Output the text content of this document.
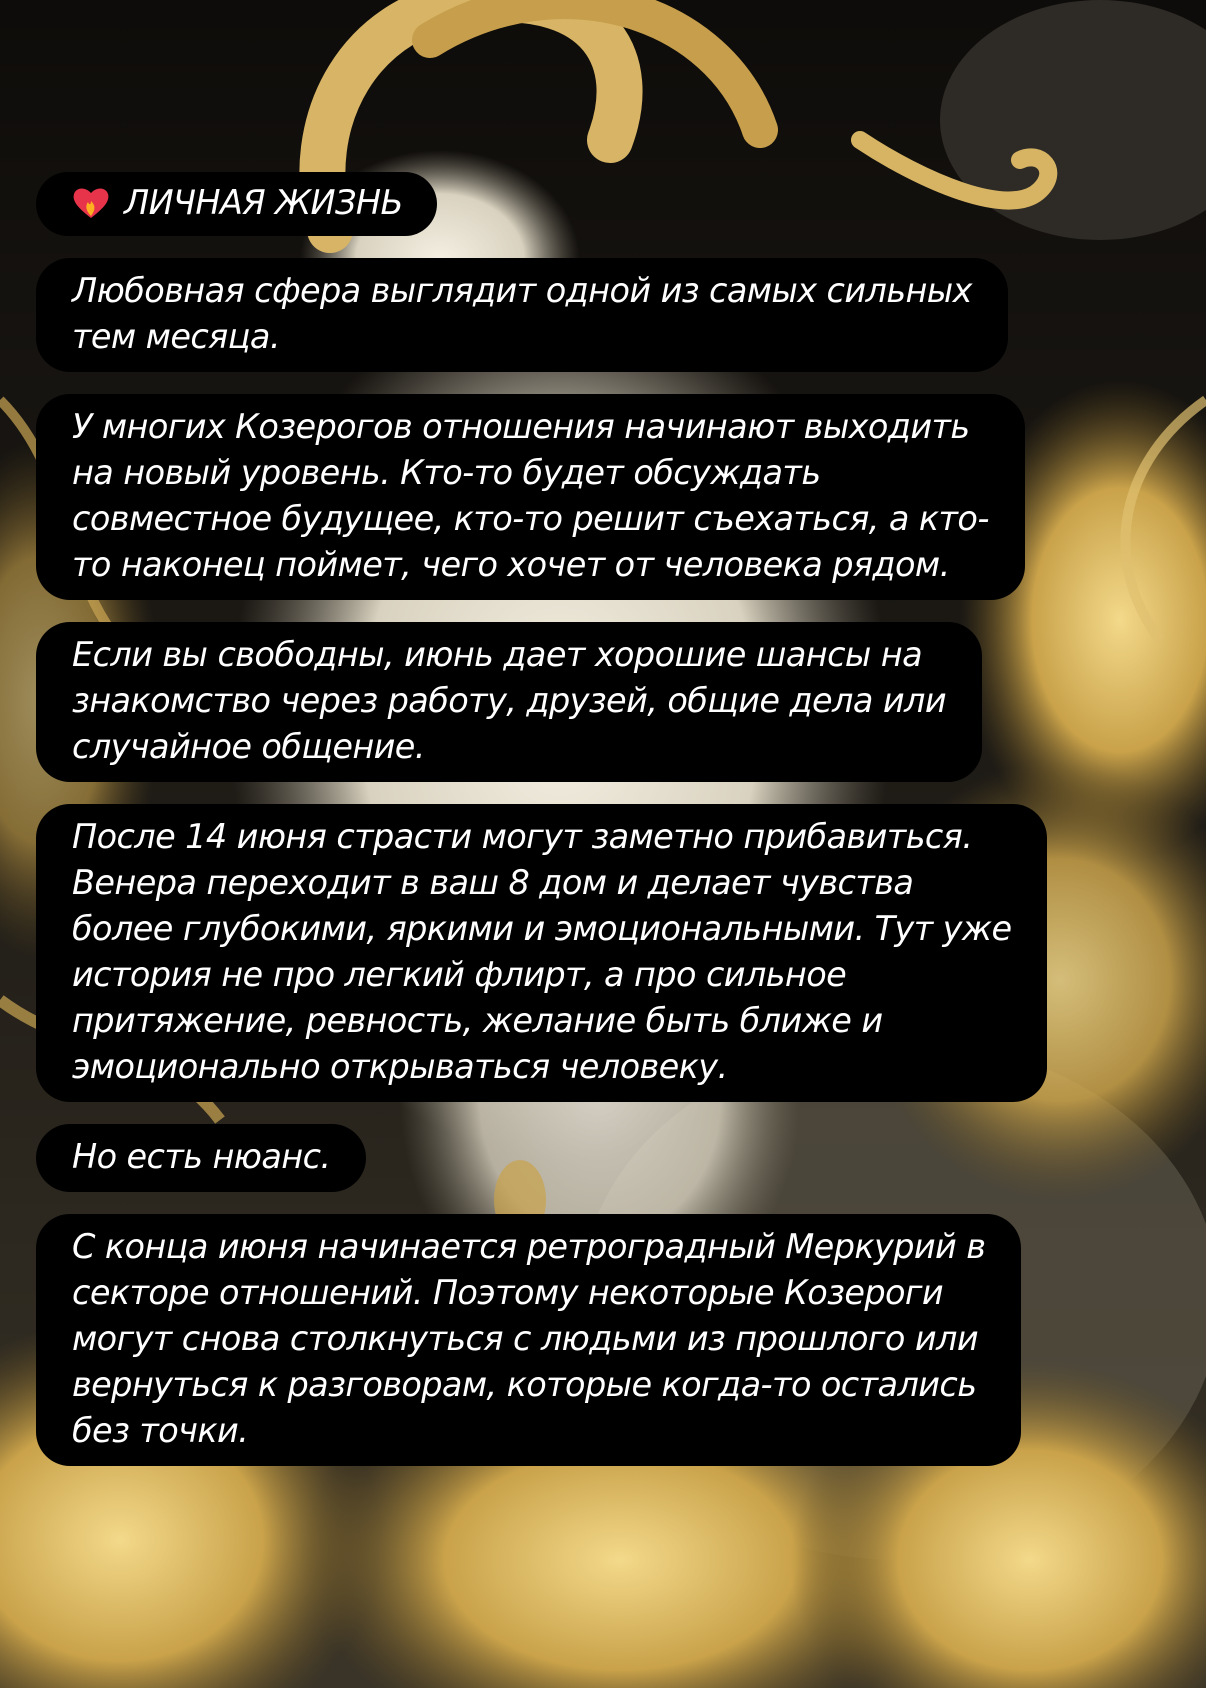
ЛИЧНАЯ ЖИЗНЬ
Любовная сфера выглядит одной из самых сильных
тем месяца.
У многих Козерогов отношения начинают выходить
на новый уровень. Кто-то будет обсуждать
совместное будущее, кто-то решит съехаться, а кто-
то наконец поймет, чего хочет от человека рядом.
Если вы свободны, июнь дает хорошие шансы на
знакомство через работу, друзей, общие дела или
случайное общение.
После 14 июня страсти могут заметно прибавиться.
Венера переходит в ваш 8 дом и делает чувства
более глубокими, яркими и эмоциональными. Тут уже
история не про легкий флирт, а про сильное
притяжение, ревность, желание быть ближе и
эмоционально открываться человеку.
Но есть нюанс.
С конца июня начинается ретроградный Меркурий в
секторе отношений. Поэтому некоторые Козероги
могут снова столкнуться с людьми из прошлого или
вернуться к разговорам, которые когда-то остались
без точки.
